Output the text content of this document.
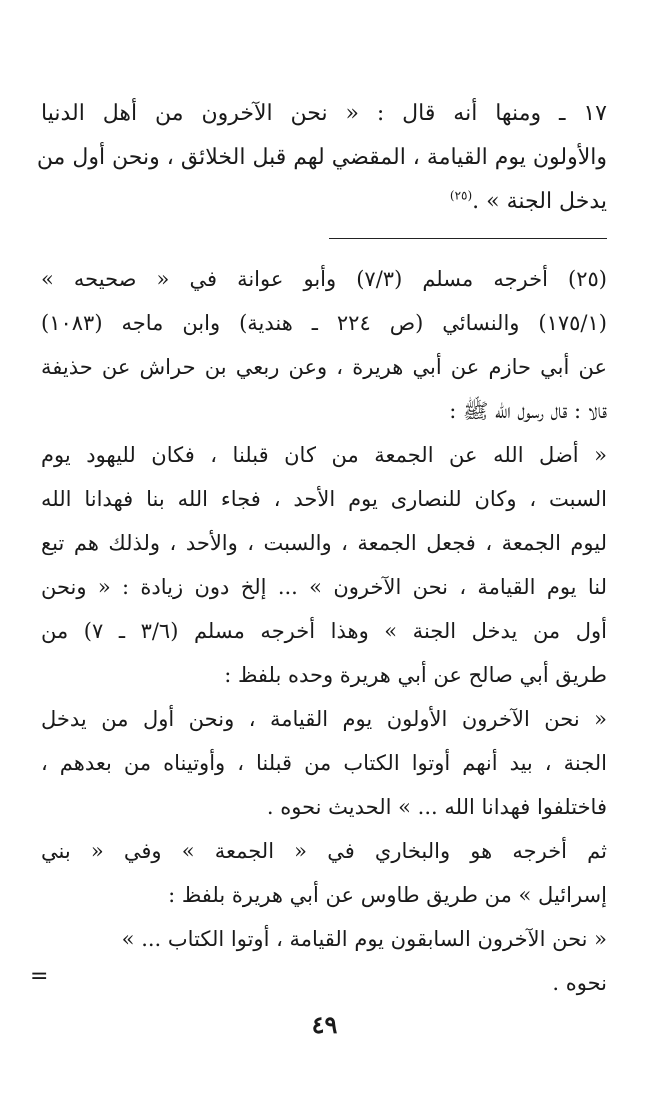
١٧ ـ ومنها أنه قال : « نحن الآخرون من أهل الدنيا
والأولون يوم القيامة ، المقضي لهم قبل الخلائق ، ونحن أول من
يدخل الجنة » .$^{(٢٥)}$
(٢٥) أخرجه مسلم (٧/٣) وأبو عوانة في « صحيحه »
(١٧٥/١) والنسائي (ص ٢٢٤ ـ هندية) وابن ماجه (١٠٨٣)
عن أبي حازم عن أبي هريرة ، وعن ربعي بن حراش عن حذيفة
قالا : قال رسول الله ﷺ :
« أضل الله عن الجمعة من كان قبلنا ، فكان لليهود يوم
السبت ، وكان للنصارى يوم الأحد ، فجاء الله بنا فهدانا الله
ليوم الجمعة ، فجعل الجمعة ، والسبت ، والأحد ، ولذلك هم تبع
لنا يوم القيامة ، نحن الآخرون » ... إلخ دون زيادة : « ونحن
أول من يدخل الجنة » وهذا أخرجه مسلم (٣/٦ ـ ٧) من
طريق أبي صالح عن أبي هريرة وحده بلفظ :
« نحن الآخرون الأولون يوم القيامة ، ونحن أول من يدخل
الجنة ، بيد أنهم أوتوا الكتاب من قبلنا ، وأوتيناه من بعدهم ،
فاختلفوا فهدانا الله ... » الحديث نحوه .
ثم أخرجه هو والبخاري في « الجمعة » وفي « بني
إسرائيل » من طريق طاوس عن أبي هريرة بلفظ :
« نحن الآخرون السابقون يوم القيامة ، أوتوا الكتاب ... »
نحوه .
=
٤٩
